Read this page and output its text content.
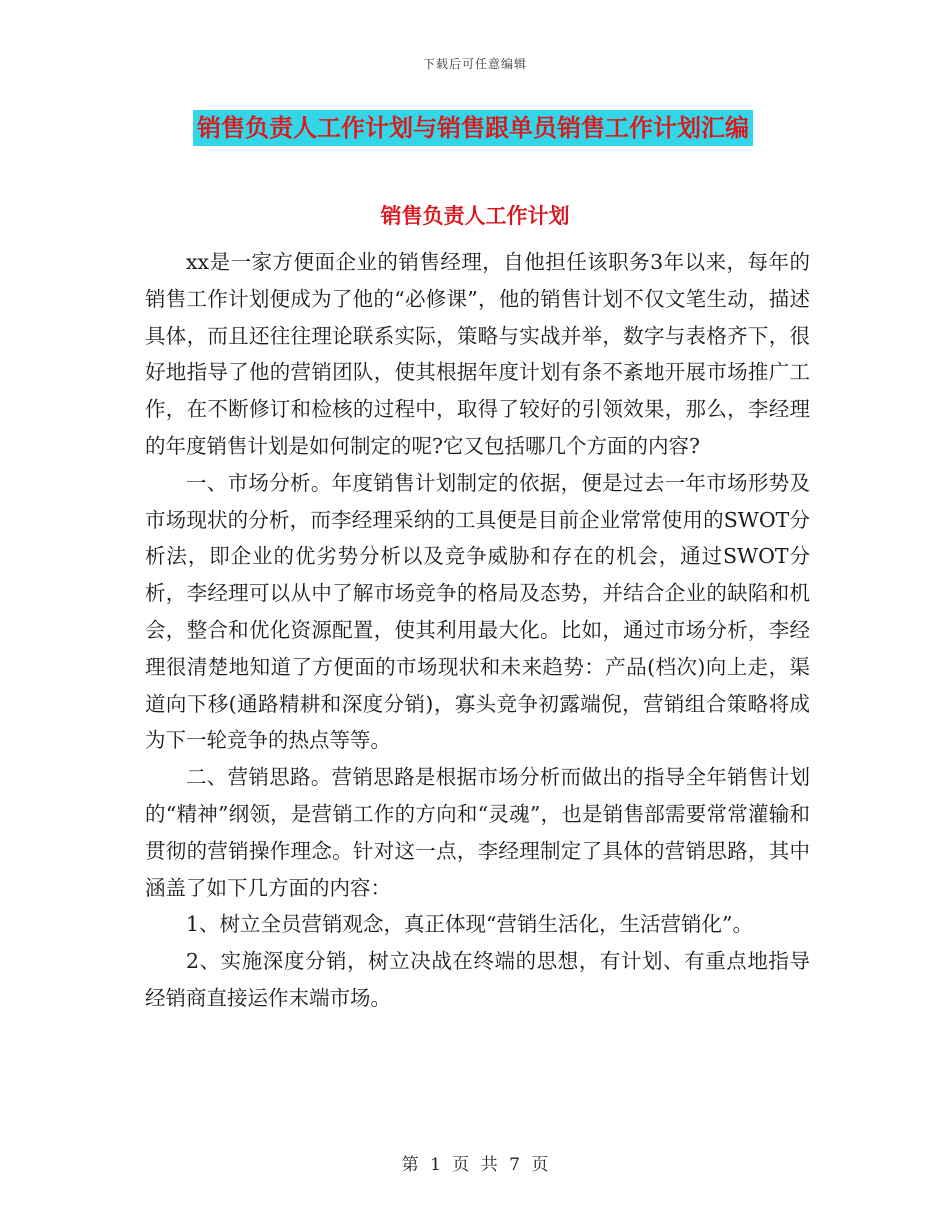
下载后可任意编辑
销售负责人工作计划与销售跟单员销售工作计划汇编
销售负责人工作计划

xx是一家方便面企业的销售经理，自他担任该职务3年以来，每年的销售工作计划便成为了他的“必修课”，他的销售计划不仅文笔生动，描述具体，而且还往往理论联系实际，策略与实战并举，数字与表格齐下，很好地指导了他的营销团队，使其根据年度计划有条不紊地开展市场推广工作，在不断修订和检核的过程中，取得了较好的引领效果，那么，李经理的年度销售计划是如何制定的呢?它又包括哪几个方面的内容?

一、市场分析。年度销售计划制定的依据，便是过去一年市场形势及市场现状的分析，而李经理采纳的工具便是目前企业常常使用的SWOT分析法，即企业的优劣势分析以及竞争威胁和存在的机会，通过SWOT分析，李经理可以从中了解市场竞争的格局及态势，并结合企业的缺陷和机会，整合和优化资源配置，使其利用最大化。比如，通过市场分析，李经理很清楚地知道了方便面的市场现状和未来趋势：产品(档次)向上走，渠道向下移(通路精耕和深度分销)，寡头竞争初露端倪，营销组合策略将成为下一轮竞争的热点等等。

二、营销思路。营销思路是根据市场分析而做出的指导全年销售计划的“精神”纲领，是营销工作的方向和“灵魂”，也是销售部需要常常灌输和贯彻的营销操作理念。针对这一点，李经理制定了具体的营销思路，其中涵盖了如下几方面的内容：

1、树立全员营销观念，真正体现“营销生活化，生活营销化”。

2、实施深度分销，树立决战在终端的思想，有计划、有重点地指导经销商直接运作末端市场。

第 1 页 共 7 页
